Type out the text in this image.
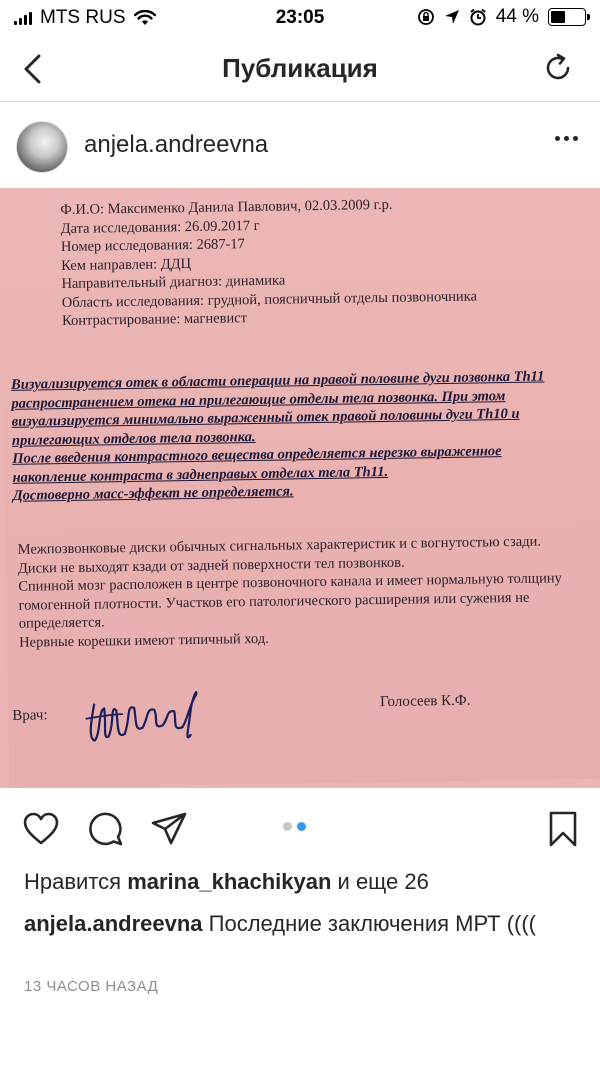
MTS RUS	23:05	44 %
Публикация
anjela.andreevna
Ф.И.О: Максименко Данила Павлович, 02.03.2009 г.р.
Дата исследования: 26.09.2017 г
Номер исследования: 2687-17
Кем направлен: ДДЦ
Направительный диагноз: динамика
Область исследования: грудной, поясничный отделы позвоночника
Контрастирование: магневист
Визуализируется отек в области операции на правой половине дуги позвонка Th11
распространением отека на прилегающие отделы тела позвонка. При этом
визуализируется минимально выраженный отек правой половины дуги Th10 и
прилегающих отделов тела позвонка.
После введения контрастного вещества определяется нерезко выраженное
накопление контраста в заднеправых отделах тела Th11.
Достоверно масс-эффект не определяется.
Межпозвонковые диски обычных сигнальных характеристик и с вогнутостью сзади.
Диски не выходят кзади от задней поверхности тел позвонков.
Спинной мозг расположен в центре позвоночного канала и имеет нормальную толщину
гомогенной плотности. Участков его патологического расширения или сужения не
определяется.
Нервные корешки имеют типичный ход.
Врач:
Голосеев К.Ф.
Нравится marina_khachikyan и еще 26
anjela.andreevna Последние заключения МРТ ((((
13 ЧАСОВ НАЗАД
